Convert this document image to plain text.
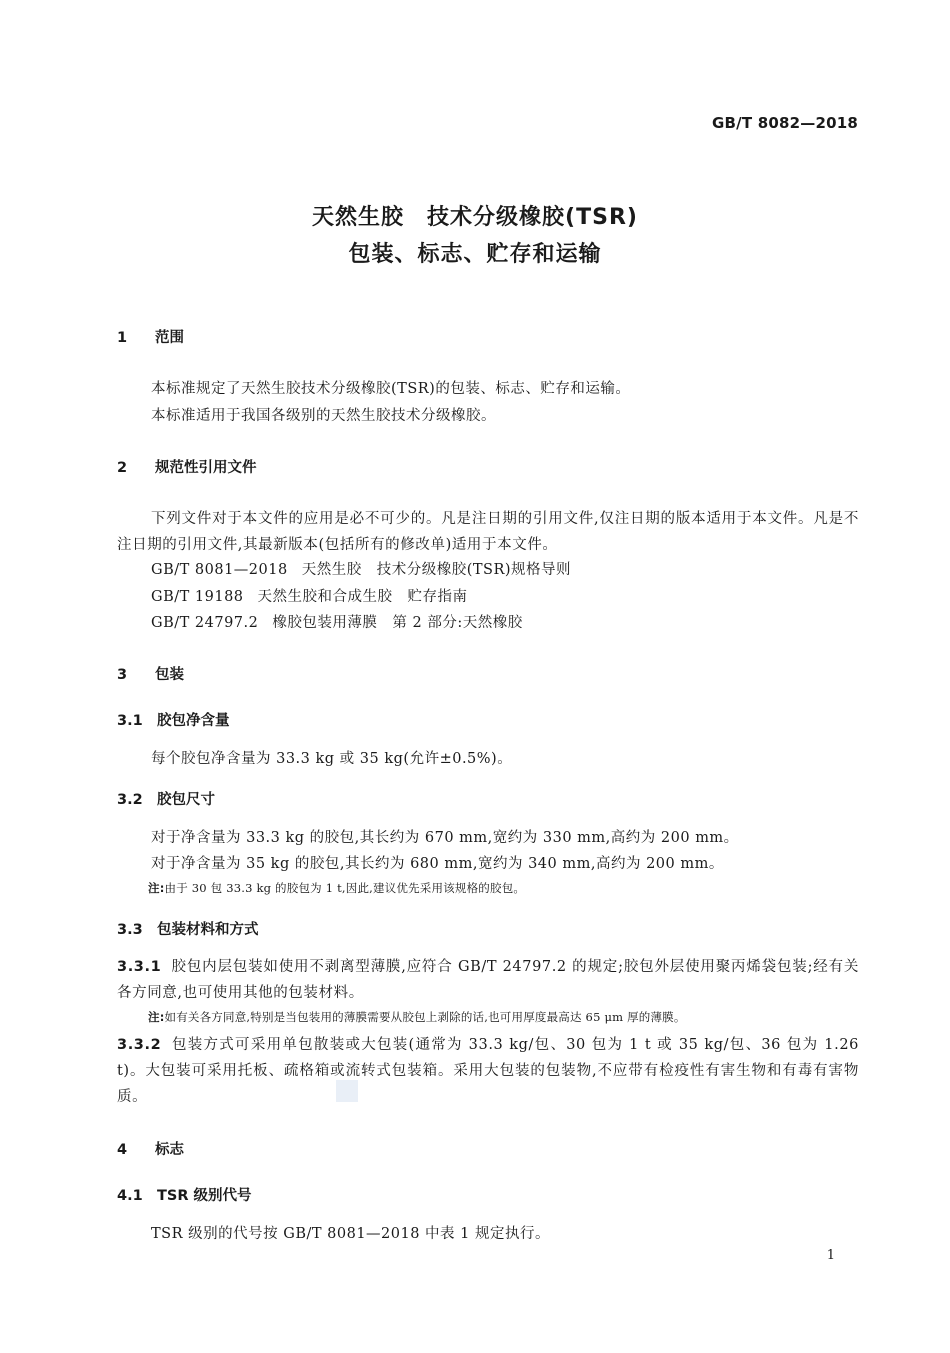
GB/T 8082—2018
天然生胶　技术分级橡胶(TSR)
包装、标志、贮存和运输
1 范围
本标准规定了天然生胶技术分级橡胶(TSR)的包装、标志、贮存和运输。
本标准适用于我国各级别的天然生胶技术分级橡胶。
2 规范性引用文件
下列文件对于本文件的应用是必不可少的。凡是注日期的引用文件,仅注日期的版本适用于本文件。凡是不注日期的引用文件,其最新版本(包括所有的修改单)适用于本文件。
GB/T 8081—2018 天然生胶　技术分级橡胶(TSR)规格导则
GB/T 19188 天然生胶和合成生胶　贮存指南
GB/T 24797.2 橡胶包装用薄膜　第 2 部分:天然橡胶
3 包装
3.1 胶包净含量
每个胶包净含量为 33.3 kg 或 35 kg(允许±0.5%)。
3.2 胶包尺寸
对于净含量为 33.3 kg 的胶包,其长约为 670 mm,宽约为 330 mm,高约为 200 mm。
对于净含量为 35 kg 的胶包,其长约为 680 mm,宽约为 340 mm,高约为 200 mm。
注:由于 30 包 33.3 kg 的胶包为 1 t,因此,建议优先采用该规格的胶包。
3.3 包装材料和方式
3.3.1 胶包内层包装如使用不剥离型薄膜,应符合 GB/T 24797.2 的规定;胶包外层使用聚丙烯袋包装;经有关各方同意,也可使用其他的包装材料。
注:如有关各方同意,特别是当包装用的薄膜需要从胶包上剥除的话,也可用厚度最高达 65 μm 厚的薄膜。
3.3.2 包装方式可采用单包散装或大包装(通常为 33.3 kg/包、30 包为 1 t 或 35 kg/包、36 包为 1.26 t)。大包装可采用托板、疏格箱或流转式包装箱。采用大包装的包装物,不应带有检疫性有害生物和有毒有害物质。
4 标志
4.1 TSR 级别代号
TSR 级别的代号按 GB/T 8081—2018 中表 1 规定执行。
1
